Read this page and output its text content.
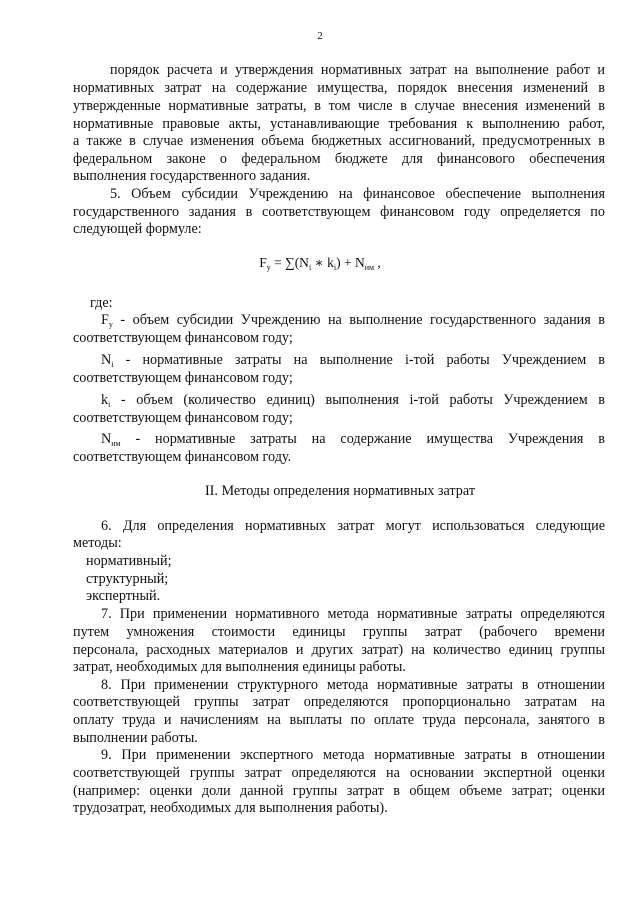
2
порядок расчета и утверждения нормативных затрат на выполнение работ и
нормативных затрат на содержание имущества, порядок внесения изменений в
утвержденные нормативные затраты, в том числе в случае внесения изменений в
нормативные правовые акты, устанавливающие требования к выполнению работ,
а также в случае изменения объема бюджетных ассигнований, предусмотренных в
федеральном законе о федеральном бюджете для финансового обеспечения
выполнения государственного задания.
5. Объем субсидии Учреждению на финансовое обеспечение выполнения
государственного задания в соответствующем финансовом году определяется по
следующей формуле:
$F_у = \sum(N_i$ ∗ $k_i) + N_{им}$ ,
где:
$F_у$ - объем субсидии Учреждению на выполнение государственного задания в
соответствующем финансовом году;
$N_i$ - нормативные затраты на выполнение i-той работы Учреждением в
соответствующем финансовом году;
$k_i$ - объем (количество единиц) выполнения i-той работы Учреждением в
соответствующем финансовом году;
$N_{им}$ - нормативные затраты на содержание имущества Учреждения в
соответствующем финансовом году.
II. Методы определения нормативных затрат
6. Для определения нормативных затрат могут использоваться следующие
методы:
нормативный;
структурный;
экспертный.
7. При применении нормативного метода нормативные затраты определяются
путем умножения стоимости единицы группы затрат (рабочего времени
персонала, расходных материалов и других затрат) на количество единиц группы
затрат, необходимых для выполнения единицы работы.
8. При применении структурного метода нормативные затраты в отношении
соответствующей группы затрат определяются пропорционально затратам на
оплату труда и начислениям на выплаты по оплате труда персонала, занятого в
выполнении работы.
9. При применении экспертного метода нормативные затраты в отношении
соответствующей группы затрат определяются на основании экспертной оценки
(например: оценки доли данной группы затрат в общем объеме затрат; оценки
трудозатрат, необходимых для выполнения работы).
